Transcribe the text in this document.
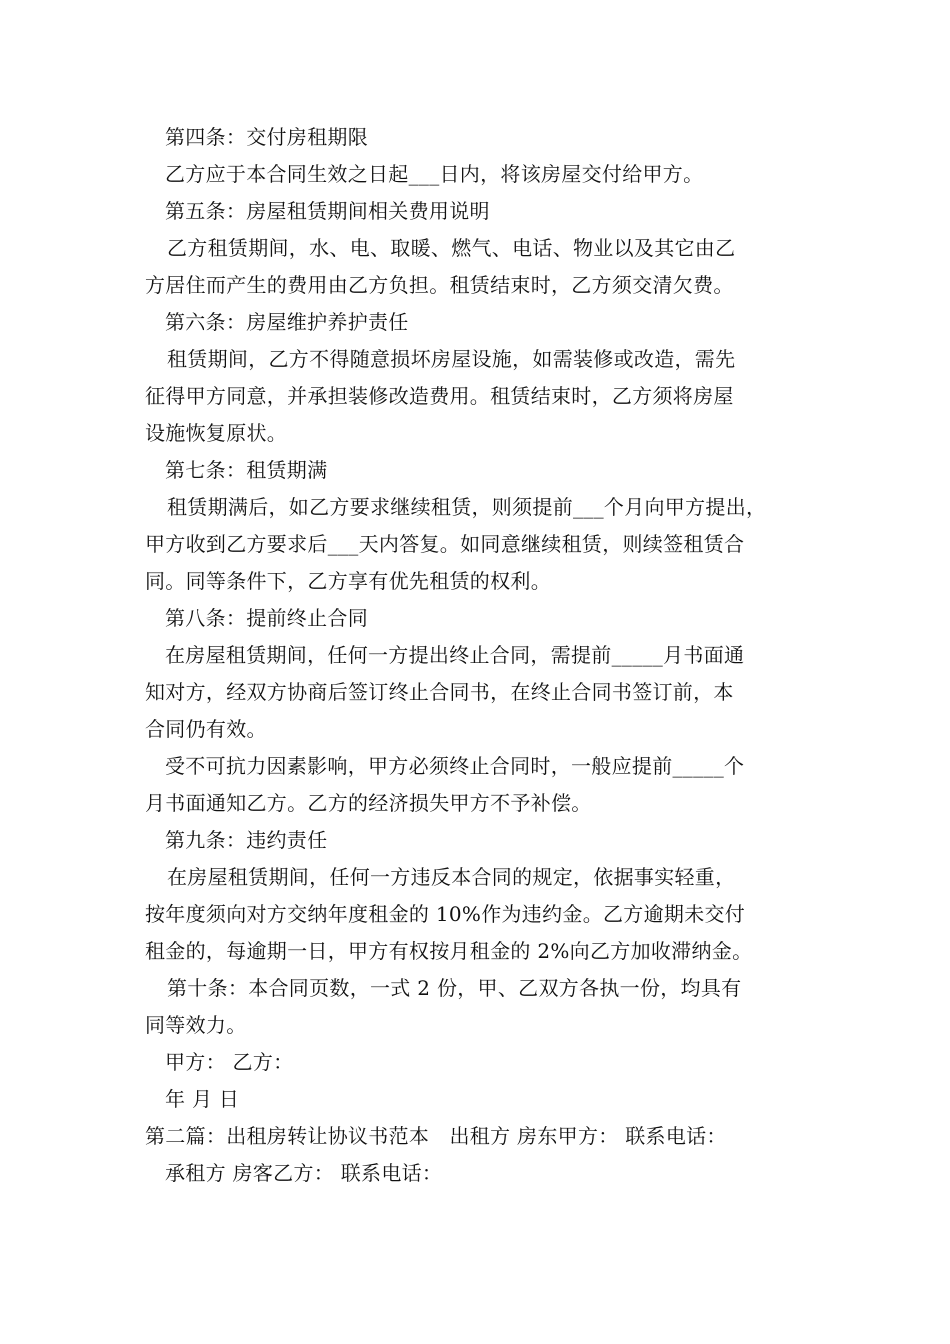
第四条：交付房租期限
乙方应于本合同生效之日起___日内，将该房屋交付给甲方。
第五条：房屋租赁期间相关费用说明
乙方租赁期间，水、电、取暖、燃气、电话、物业以及其它由乙
方居住而产生的费用由乙方负担。租赁结束时，乙方须交清欠费。
第六条：房屋维护养护责任
租赁期间，乙方不得随意损坏房屋设施，如需装修或改造，需先
征得甲方同意，并承担装修改造费用。租赁结束时，乙方须将房屋
设施恢复原状。
第七条：租赁期满
租赁期满后，如乙方要求继续租赁，则须提前___个月向甲方提出，
甲方收到乙方要求后___天内答复。如同意继续租赁，则续签租赁合
同。同等条件下，乙方享有优先租赁的权利。
第八条：提前终止合同
在房屋租赁期间，任何一方提出终止合同，需提前_____月书面通
知对方，经双方协商后签订终止合同书，在终止合同书签订前，本
合同仍有效。
受不可抗力因素影响，甲方必须终止合同时，一般应提前_____个
月书面通知乙方。乙方的经济损失甲方不予补偿。
第九条：违约责任
在房屋租赁期间，任何一方违反本合同的规定，依据事实轻重，
按年度须向对方交纳年度租金的 10%作为违约金。乙方逾期未交付
租金的，每逾期一日，甲方有权按月租金的 2%向乙方加收滞纳金。
第十条：本合同页数，一式 2 份，甲、乙双方各执一份，均具有
同等效力。
甲方： 乙方：
年 月 日
第二篇：出租房转让协议书范本　出租方 房东甲方： 联系电话：
承租方 房客乙方： 联系电话：
